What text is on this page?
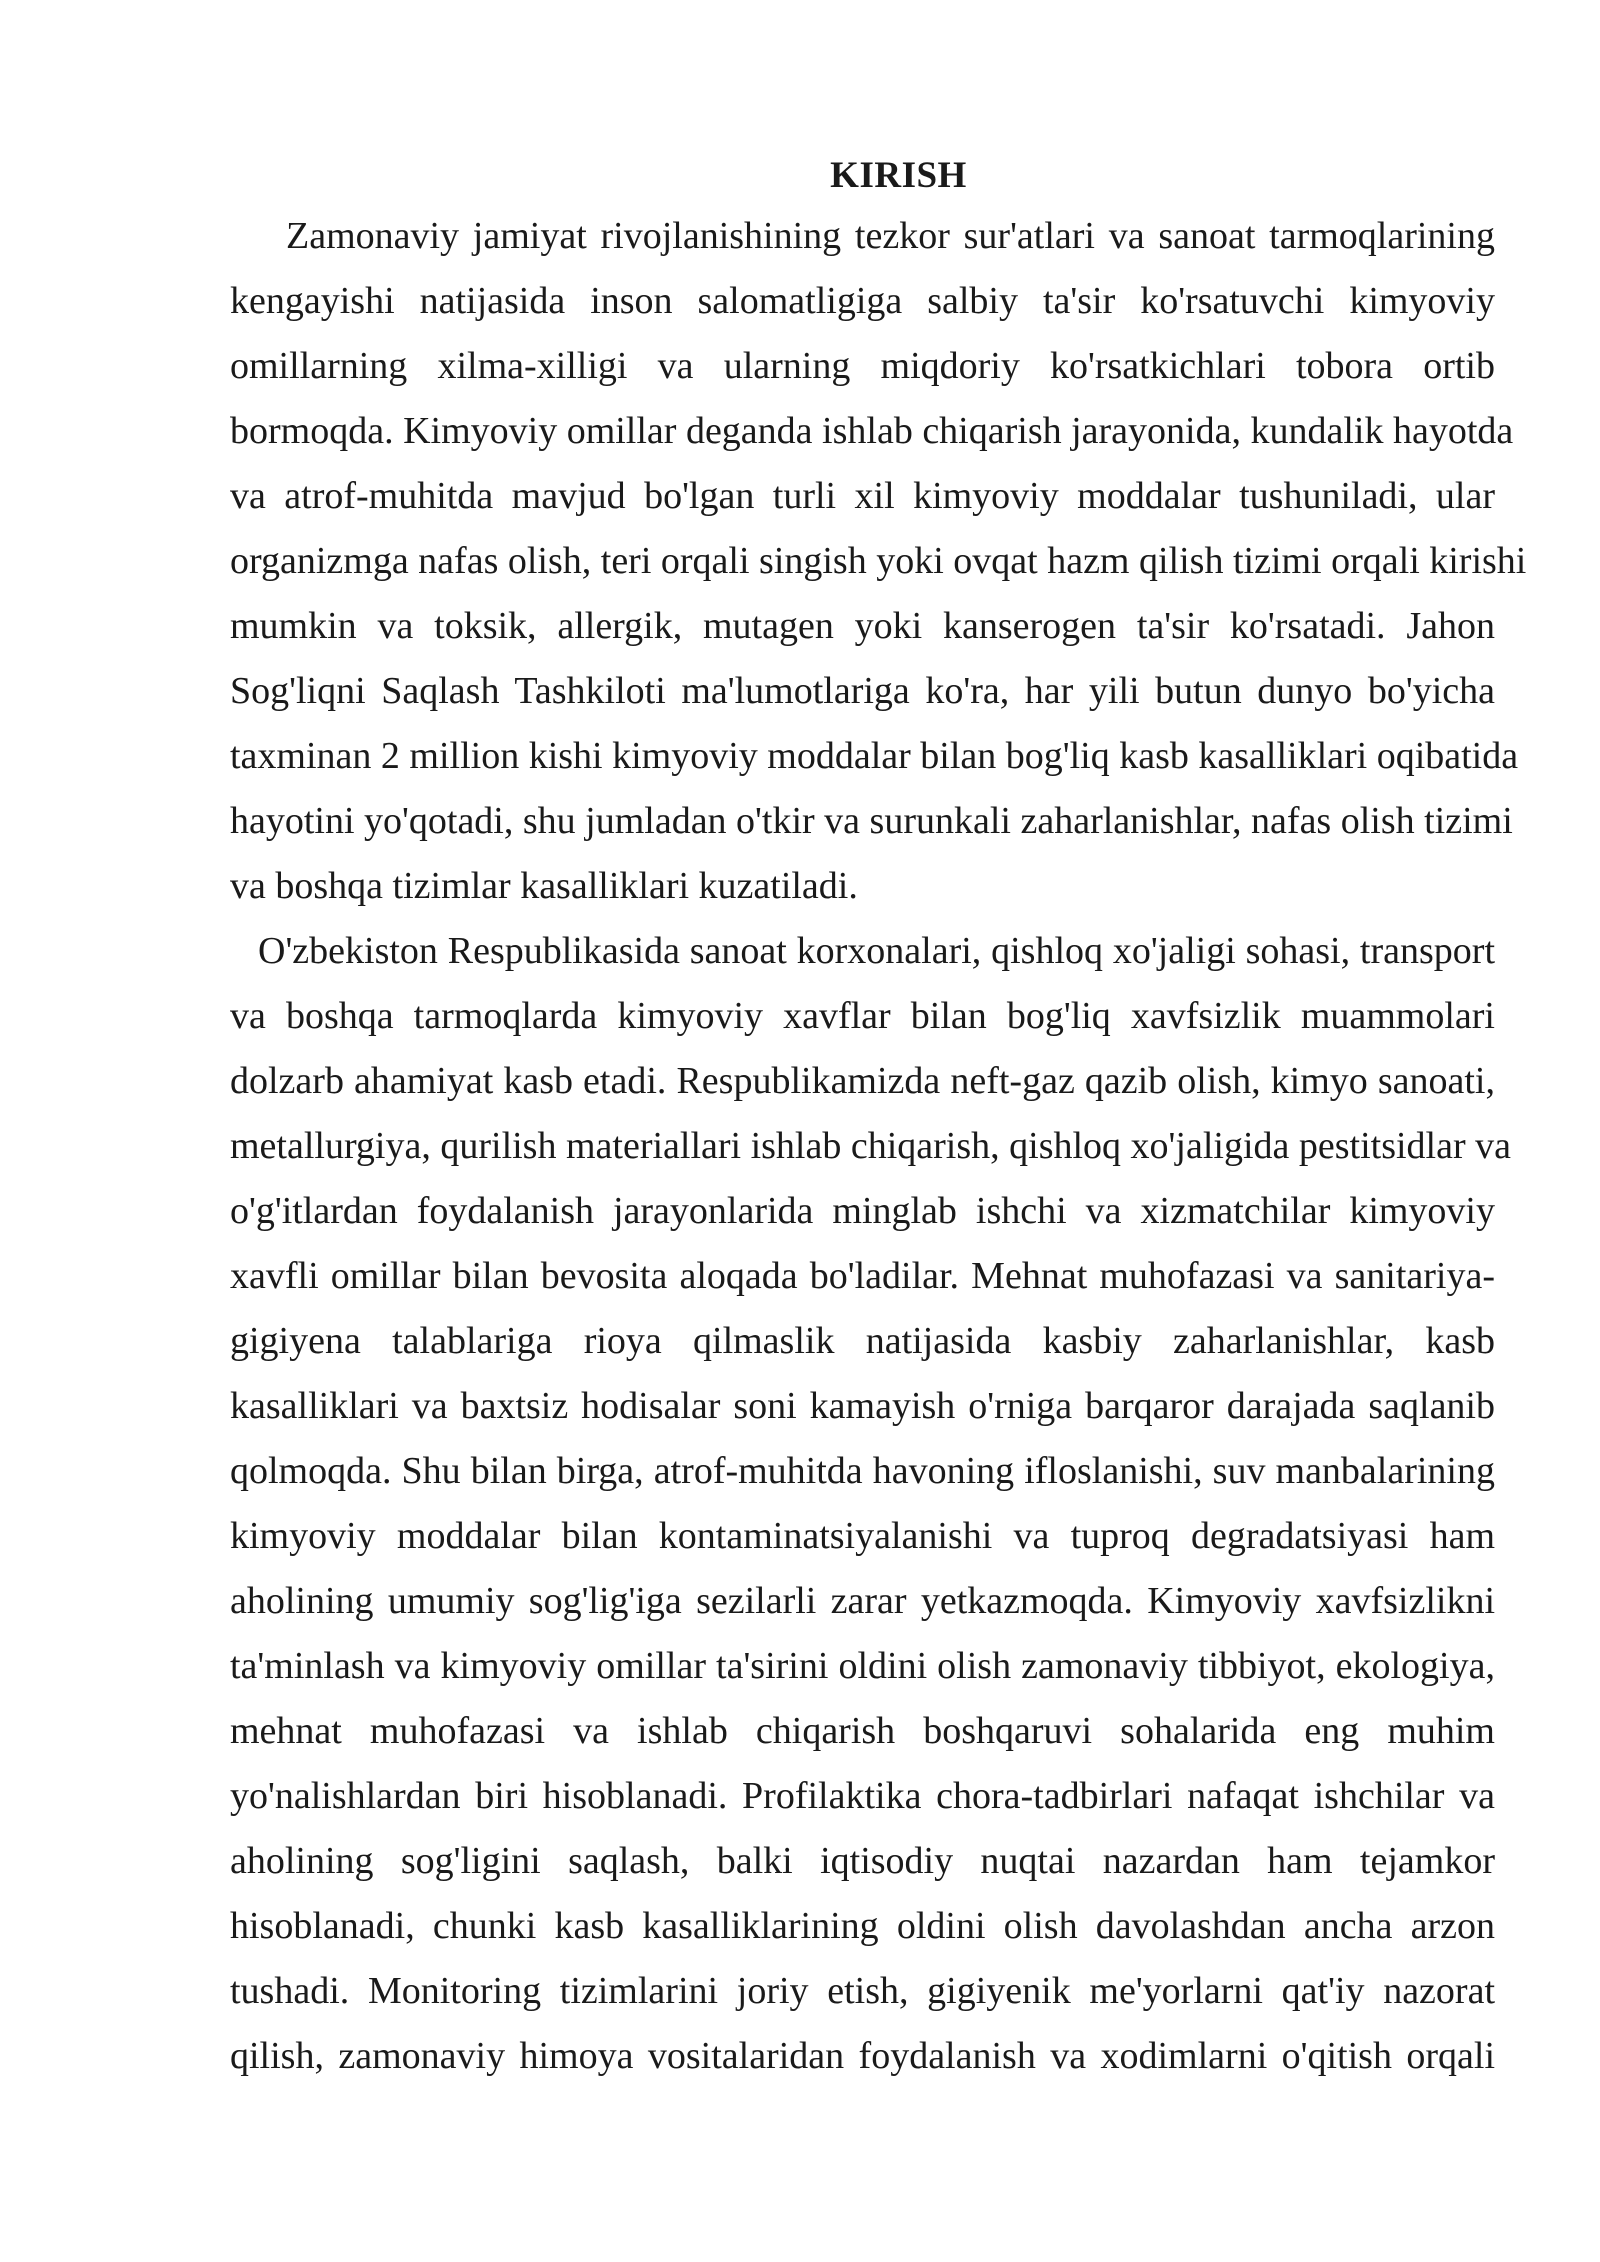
KIRISH
Zamonaviy jamiyat rivojlanishining tezkor sur'atlari va sanoat tarmoqlarining
kengayishi natijasida inson salomatligiga salbiy ta'sir ko'rsatuvchi kimyoviy
omillarning xilma-xilligi va ularning miqdoriy ko'rsatkichlari tobora ortib
bormoqda. Kimyoviy omillar deganda ishlab chiqarish jarayonida, kundalik hayotda
va atrof-muhitda mavjud bo'lgan turli xil kimyoviy moddalar tushuniladi, ular
organizmga nafas olish, teri orqali singish yoki ovqat hazm qilish tizimi orqali kirishi
mumkin va toksik, allergik, mutagen yoki kanserogen ta'sir ko'rsatadi. Jahon
Sog'liqni Saqlash Tashkiloti ma'lumotlariga ko'ra, har yili butun dunyo bo'yicha
taxminan 2 million kishi kimyoviy moddalar bilan bog'liq kasb kasalliklari oqibatida
hayotini yo'qotadi, shu jumladan o'tkir va surunkali zaharlanishlar, nafas olish tizimi
va boshqa tizimlar kasalliklari kuzatiladi.
O'zbekiston Respublikasida sanoat korxonalari, qishloq xo'jaligi sohasi, transport
va boshqa tarmoqlarda kimyoviy xavflar bilan bog'liq xavfsizlik muammolari
dolzarb ahamiyat kasb etadi. Respublikamizda neft-gaz qazib olish, kimyo sanoati,
metallurgiya, qurilish materiallari ishlab chiqarish, qishloq xo'jaligida pestitsidlar va
o'g'itlardan foydalanish jarayonlarida minglab ishchi va xizmatchilar kimyoviy
xavfli omillar bilan bevosita aloqada bo'ladilar. Mehnat muhofazasi va sanitariya-
gigiyena talablariga rioya qilmaslik natijasida kasbiy zaharlanishlar, kasb
kasalliklari va baxtsiz hodisalar soni kamayish o'rniga barqaror darajada saqlanib
qolmoqda. Shu bilan birga, atrof-muhitda havoning ifloslanishi, suv manbalarining
kimyoviy moddalar bilan kontaminatsiyalanishi va tuproq degradatsiyasi ham
aholining umumiy sog'lig'iga sezilarli zarar yetkazmoqda. Kimyoviy xavfsizlikni
ta'minlash va kimyoviy omillar ta'sirini oldini olish zamonaviy tibbiyot, ekologiya,
mehnat muhofazasi va ishlab chiqarish boshqaruvi sohalarida eng muhim
yo'nalishlardan biri hisoblanadi. Profilaktika chora-tadbirlari nafaqat ishchilar va
aholining sog'ligini saqlash, balki iqtisodiy nuqtai nazardan ham tejamkor
hisoblanadi, chunki kasb kasalliklarining oldini olish davolashdan ancha arzon
tushadi. Monitoring tizimlarini joriy etish, gigiyenik me'yorlarni qat'iy nazorat
qilish, zamonaviy himoya vositalaridan foydalanish va xodimlarni o'qitish orqali
